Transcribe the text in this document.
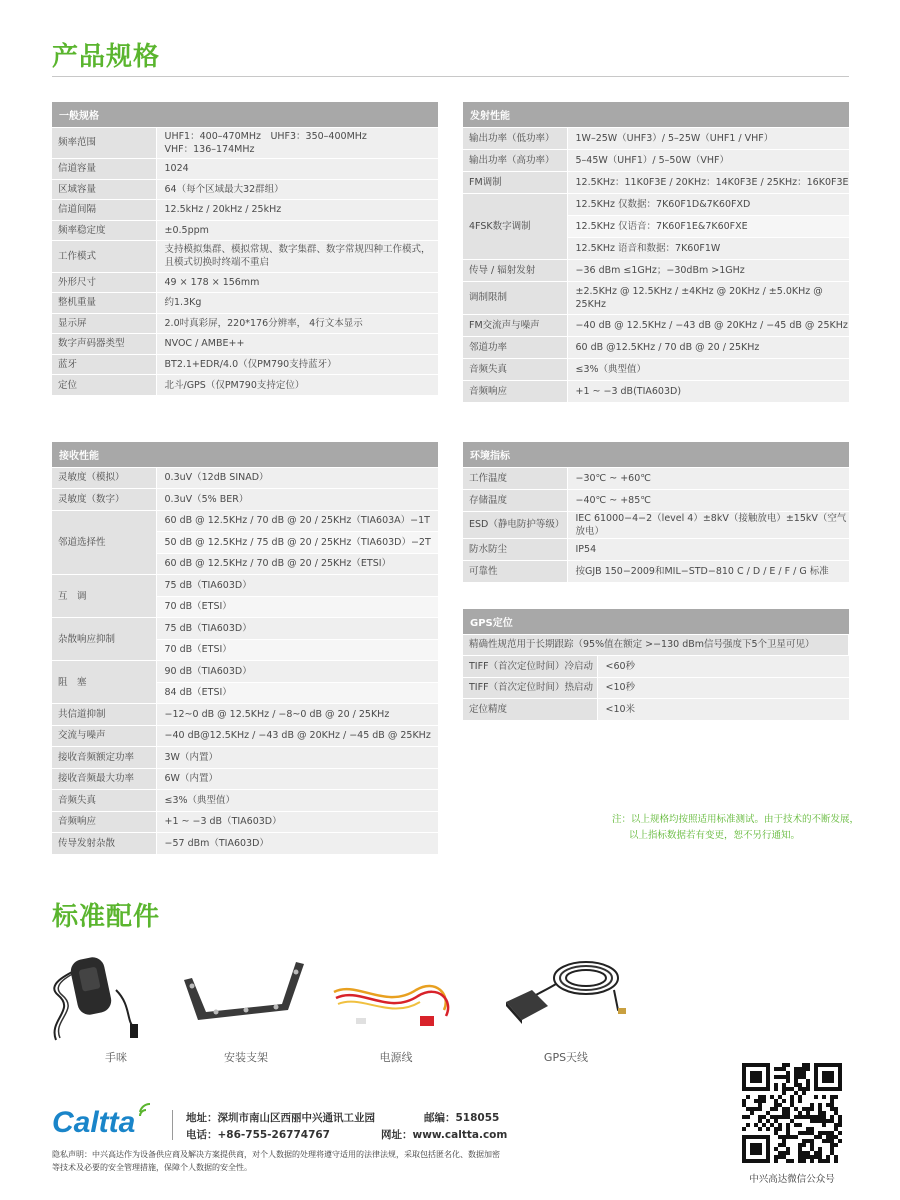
产品规格
一般规格	
频率范围	UHF1：400–470MHz　UHF3：350–400MHz
VHF：136–174MHz
信道容量	1024
区域容量	64（每个区域最大32群组）
信道间隔	12.5kHz / 20kHz / 25kHz
频率稳定度	±0.5ppm
工作模式	支持模拟集群、模拟常规、数字集群、数字常规四种工作模式，
且模式切换时终端不重启
外形尺寸	49 × 178 × 156mm
整机重量	约1.3Kg
显示屏	2.0吋真彩屏，220*176分辨率， 4行文本显示
数字声码器类型	NVOC / AMBE++
蓝牙	BT2.1+EDR/4.0（仅PM790支持蓝牙）
定位	北斗/GPS（仅PM790支持定位）
发射性能	
输出功率（低功率）	1W–25W（UHF3）/ 5–25W（UHF1 / VHF）
输出功率（高功率）	5–45W（UHF1）/ 5–50W（VHF）
FM调制	12.5KHz：11K0F3E / 20KHz：14K0F3E / 25KHz：16K0F3E
4FSK数字调制	12.5KHz 仅数据：7K60F1D&7K60FXD
	12.5KHz 仅语音：7K60F1E&7K60FXE
	12.5KHz 语音和数据：7K60F1W
传导 / 辐射发射	−36 dBm ≤1GHz；−30dBm >1GHz
调制限制	±2.5KHz @ 12.5KHz / ±4KHz @ 20KHz / ±5.0KHz @
25KHz
FM交流声与噪声	−40 dB @ 12.5KHz / −43 dB @ 20KHz / −45 dB @ 25KHz
邻道功率	60 dB @12.5KHz / 70 dB @ 20 / 25KHz
音频失真	≤3%（典型值）
音频响应	+1 ~ −3 dB(TIA603D)
接收性能	
灵敏度（模拟）	0.3uV（12dB SINAD）
灵敏度（数字）	0.3uV（5% BER）
邻道选择性	60 dB @ 12.5KHz / 70 dB @ 20 / 25KHz（TIA603A）−1T
	50 dB @ 12.5KHz / 75 dB @ 20 / 25KHz（TIA603D）−2T
	60 dB @ 12.5KHz / 70 dB @ 20 / 25KHz（ETSI）
互　调	75 dB（TIA603D）
	70 dB（ETSI）
杂散响应抑制	75 dB（TIA603D）
	70 dB（ETSI）
阻　塞	90 dB（TIA603D）
	84 dB（ETSI）
共信道抑制	−12~0 dB @ 12.5KHz / −8~0 dB @ 20 / 25KHz
交流与噪声	−40 dB@12.5KHz / −43 dB @ 20KHz / −45 dB @ 25KHz
接收音频额定功率	3W（内置）
接收音频最大功率	6W（内置）
音频失真	≤3%（典型值）
音频响应	+1 ~ −3 dB（TIA603D）
传导发射杂散	−57 dBm（TIA603D）
环境指标	
工作温度	−30℃ ~ +60℃
存储温度	−40℃ ~ +85℃
ESD（静电防护等级）	IEC 61000−4−2（level 4）±8kV（接触放电）±15kV（空气放电）
防水防尘	IP54
可靠性	按GJB 150−2009和MIL−STD−810 C / D / E / F / G 标准
GPS定位	
精确性规范用于长期跟踪（95%值在额定 >−130 dBm信号强度下5个卫星可见）	
TIFF（首次定位时间）冷启动	<60秒
TIFF（首次定位时间）热启动	<10秒
定位精度	<10米
注：以上规格均按照适用标准测试。由于技术的不断发展，
以上指标数据若有变更，恕不另行通知。
标准配件
手咪	安装支架	电源线	GPS天线
Caltta	地址：深圳市南山区西丽中兴通讯工业园	邮编：518055
电话：+86-755-26774767	网址：www.caltta.com
隐私声明：中兴高达作为设备供应商及解决方案提供商，对个人数据的处理将遵守适用的法律法规，采取包括匿名化、数据加密等技术及必要的安全管理措施，保障个人数据的安全性。
中兴高达微信公众号
